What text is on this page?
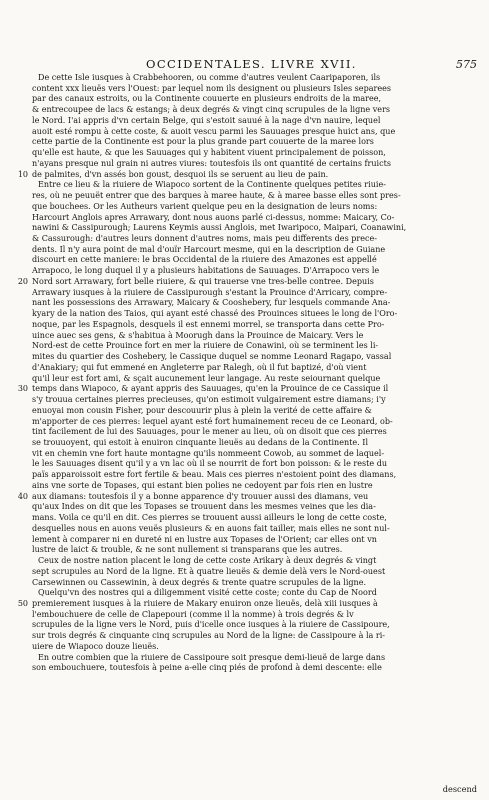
OCCIDENTALES. LIVRE XVII.	575
De cette Isle iusques à Crabbehooren, ou comme d'autres veulent Caaripaporen, ils
content xxx lieuës vers l'Ouest: par lequel nom ils designent ou plusieurs Isles separees
par des canaux estroits, ou la Continente couuerte en plusieurs endroits de la maree,
& entrecoupee de lacs & estangs; à deux degrés & vingt cinq scrupules de la ligne vers
le Nord. I'ai appris d'vn certain Belge, qui s'estoit sauué à la nage d'vn nauire, lequel
auoit esté rompu à cette coste, & auoit vescu parmi les Sauuages presque huict ans, que
cette partie de la Continente est pour la plus grande part couuerte de la maree lors
qu'elle est haute, & que les Sauuages qui y habitent viuent principalement de poisson,
n'ayans presque nul grain ni autres viures: toutesfois ils ont quantité de certains fruicts
de palmites, d'vn assés bon goust, desquoi ils se seruent au lieu de pain.
10
Entre ce lieu & la riuiere de Wiapoco sortent de la Continente quelques petites riuie-
res, où ne peuuët entrer que des barques à maree haute, & à maree basse elles sont pres-
que bouchees. Or les Autheurs varient quelque peu en la designation de leurs noms:
Harcourt Anglois apres Arrawary, dont nous auons parlé ci-dessus, nomme: Maicary, Co-
nawini & Cassipurough; Laurens Keymis aussi Anglois, met Iwaripoco, Maipari, Coanawini,
& Cassurough: d'autres leurs donnent d'autres noms, mais peu differents des prece-
dents. Il n'y aura point de mal d'ouïr Harcourt mesme, qui en la description de Guiane
discourt en cette maniere: le bras Occidental de la riuiere des Amazones est appellé
Arrapoco, le long duquel il y a plusieurs habitations de Sauuages. D'Arrapoco vers le
Nord sort Arrawary, fort belle riuiere, & qui trauerse vne tres-belle contree. Depuis
20
Arrawary iusques à la riuiere de Cassipurough s'estant la Prouince d'Arricary, compre-
nant les possessions des Arrawary, Maicary & Cooshebery, fur lesquels commande Ana-
kyary de la nation des Taios, qui ayant esté chassé des Prouinces situees le long de l'Oro-
noque, par les Espagnols, desquels il est ennemi morrel, se transporta dans cette Pro-
uince auec ses gens, & s'habitua à Moorugh dans la Prouince de Maicary. Vers le
Nord-est de cette Prouince fort en mer la riuiere de Conawini, où se terminent les li-
mites du quartier des Coshebery, le Cassique duquel se nomme Leonard Ragapo, vassal
d'Anakiary; qui fut emmené en Angleterre par Ralegh, où il fut baptizé, d'où vient
qu'il leur est fort ami, & sçait aucunement leur langage. Au reste seiournant quelque
temps dans Wiapoco, & ayant appris des Sauuages, qu'en la Prouince de ce Cassique il
30
s'y trouua certaines pierres precieuses, qu'on estimoit vulgairement estre diamans; i'y
enuoyai mon cousin Fisher, pour descouurir plus à plein la verité de cette affaire &
m'apporter de ces pierres: lequel ayant esté fort humainement receu de ce Leonard, ob-
tint facilement de lui des Sauuages, pour le mener au lieu, où on disoit que ces pierres
se trouuoyent, qui estoit à enuiron cinquante lieuës au dedans de la Continente. Il
vit en chemin vne fort haute montagne qu'ils nommeent Cowob, au sommet de laquel-
le les Sauuages disent qu'il y a vn lac où il se nourrit de fort bon poisson: & le reste du
païs apparoissoit estre fort fertile & beau. Mais ces pierres n'estoient point des diamans,
ains vne sorte de Topases, qui estant bien polies ne cedoyent par fois rien en lustre
aux diamans: toutesfois il y a bonne apparence d'y trouuer aussi des diamans, veu
40
qu'aux Indes on dit que les Topases se trouuent dans les mesmes veines que les dia-
mans. Voila ce qu'il en dit. Ces pierres se trouuent aussi ailleurs le long de cette coste,
desquelles nous en auons veuës plusieurs & en auons fait tailler, mais elles ne sont nul-
lement à comparer ni en dureté ni en lustre aux Topases de l'Orient; car elles ont vn
lustre de laict & trouble, & ne sont nullement si transparans que les autres.
Ceux de nostre nation placent le long de cette coste Arikary à deux degrés & vingt
sept scrupules au Nord de la ligne. Et à quatre lieuës & demie delà vers le Nord-ouest
Carsewinnen ou Cassewinin, à deux degrés & trente quatre scrupules de la ligne.
Quelqu'vn des nostres qui a diligemment visité cette coste; conte du Cap de Noord
premierement iusques à la riuiere de Makary enuiron onze lieuës, delà xiii iusques à
50
l'embouchuere de celle de Clapepouri (comme il la nomme) à trois degrés & lv
scrupules de la ligne vers le Nord, puis d'icelle once iusques à la riuiere de Cassipoure,
sur trois degrés & cinquante cinq scrupules au Nord de la ligne: de Cassipoure à la ri-
uiere de Wiapoco douze lieuës.
En outre combien que la riuiere de Cassipoure soit presque demi-lieuë de large dans
son embouchuere, toutesfois à peine a-elle cinq piés de profond à demi descente: elle
descend
